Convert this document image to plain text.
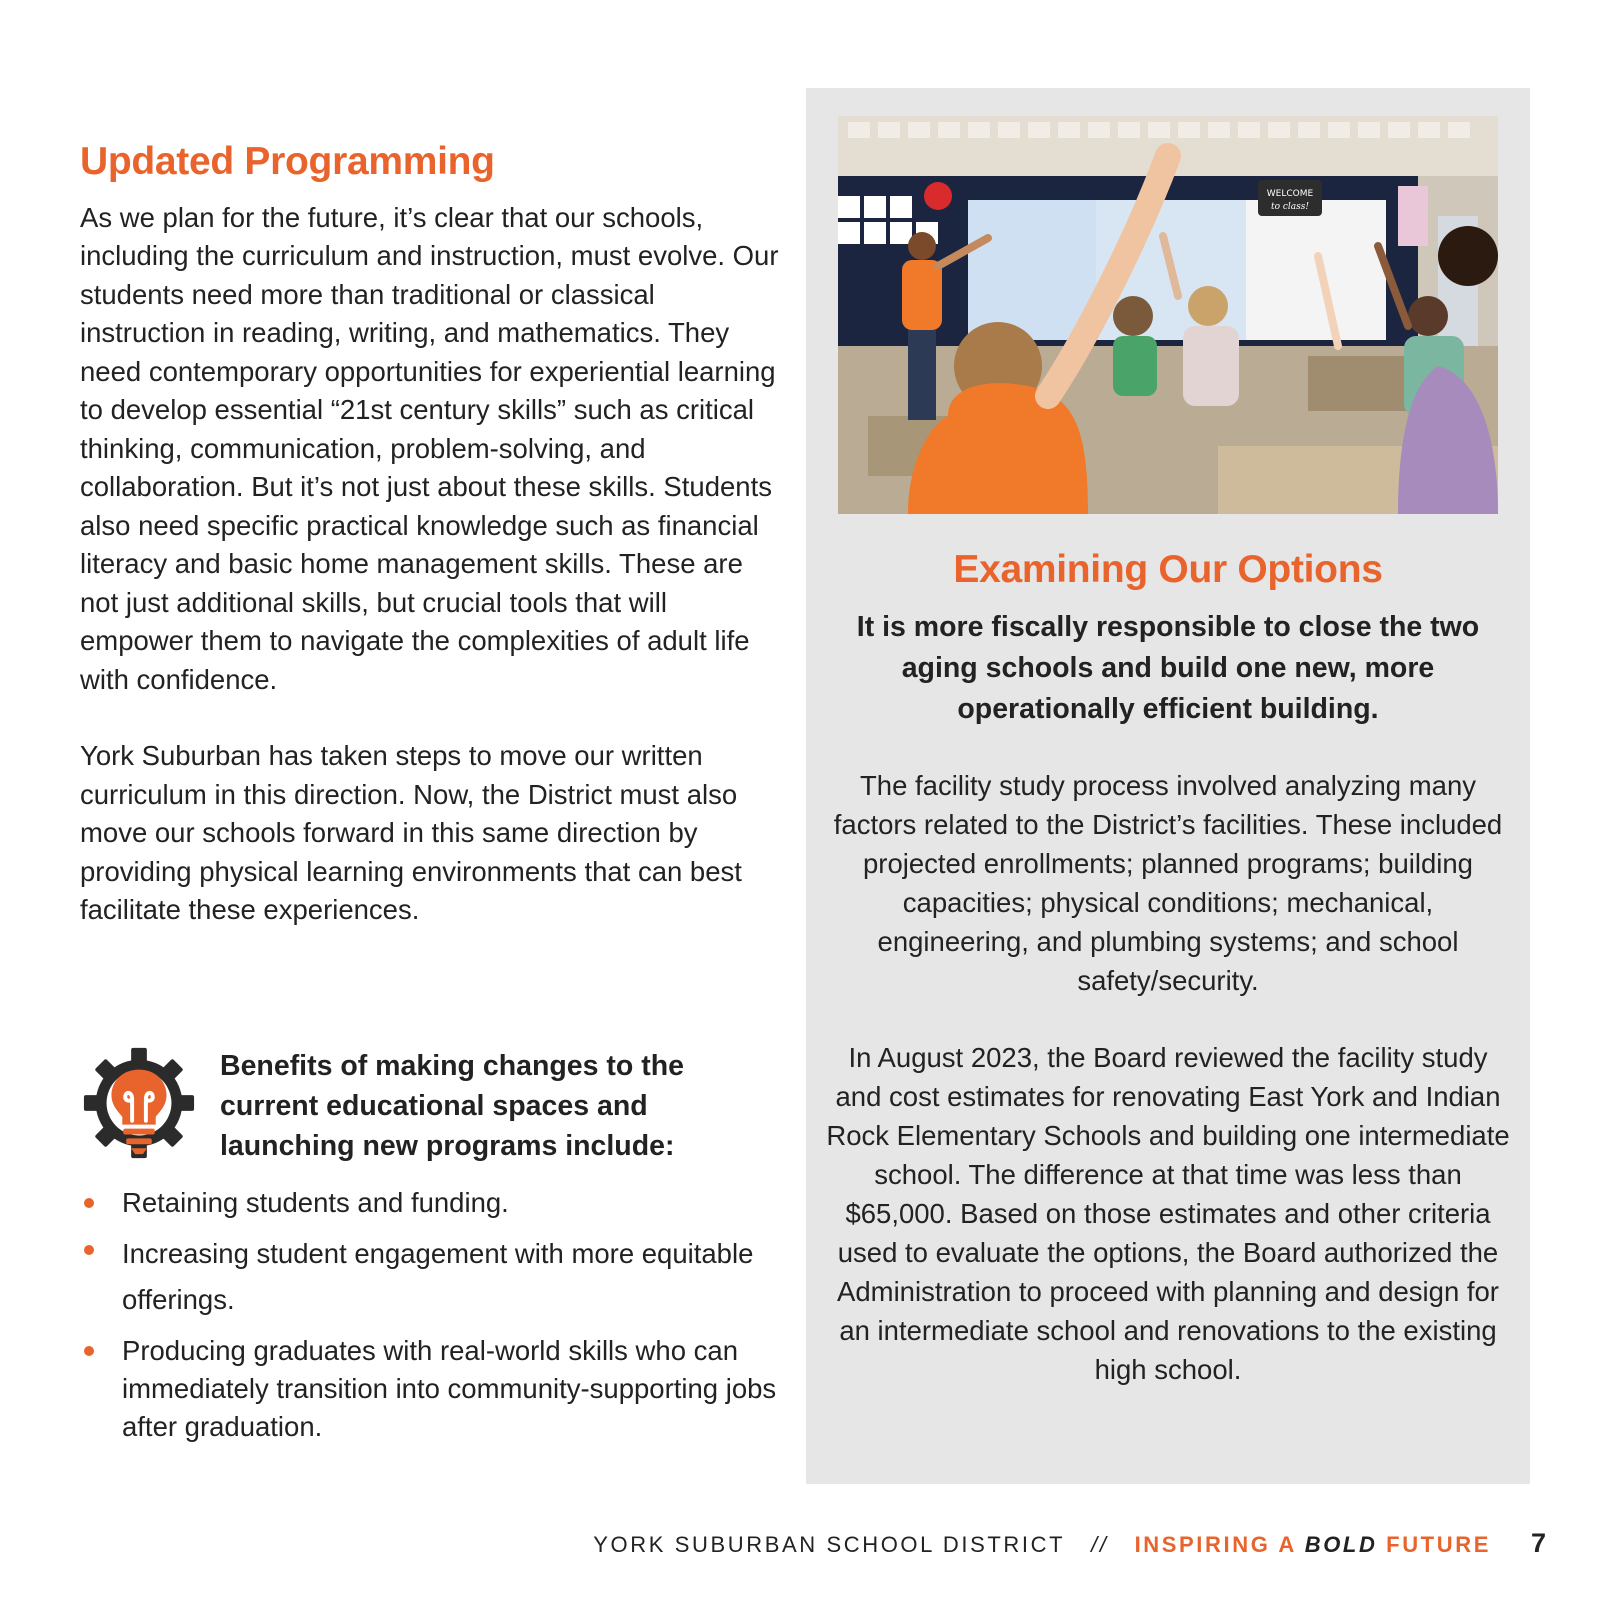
Updated Programming

As we plan for the future, it’s clear that our schools, including the curriculum and instruction, must evolve. Our students need more than traditional or classical instruction in reading, writing, and mathematics. They need contemporary opportunities for experiential learning to develop essential “21st century skills” such as critical thinking, communication, problem-solving, and collaboration. But it’s not just about these skills. Students also need specific practical knowledge such as financial literacy and basic home management skills. These are not just additional skills, but crucial tools that will empower them to navigate the complexities of adult life with confidence.

York Suburban has taken steps to move our written curriculum in this direction. Now, the District must also move our schools forward in this same direction by providing physical learning environments that can best facilitate these experiences.

Benefits of making changes to the current educational spaces and launching new programs include:
Retaining students and funding.
Increasing student engagement with more equitable offerings.
Producing graduates with real-world skills who can immediately transition into community-supporting jobs after graduation.
WELCOME
to class!
Examining Our Options

It is more fiscally responsible to close the two aging schools and build one new, more operationally efficient building.

The facility study process involved analyzing many factors related to the District’s facilities. These included projected enrollments; planned programs; building capacities; physical conditions; mechanical, engineering, and plumbing systems; and school safety/security.

In August 2023, the Board reviewed the facility study and cost estimates for renovating East York and Indian Rock Elementary Schools and building one intermediate school. The difference at that time was less than $65,000. Based on those estimates and other criteria used to evaluate the options, the Board authorized the Administration to proceed with planning and design for an intermediate school and renovations to the existing high school.

YORK SUBURBAN SCHOOL DISTRICT // INSPIRING A BOLD FUTURE 7
